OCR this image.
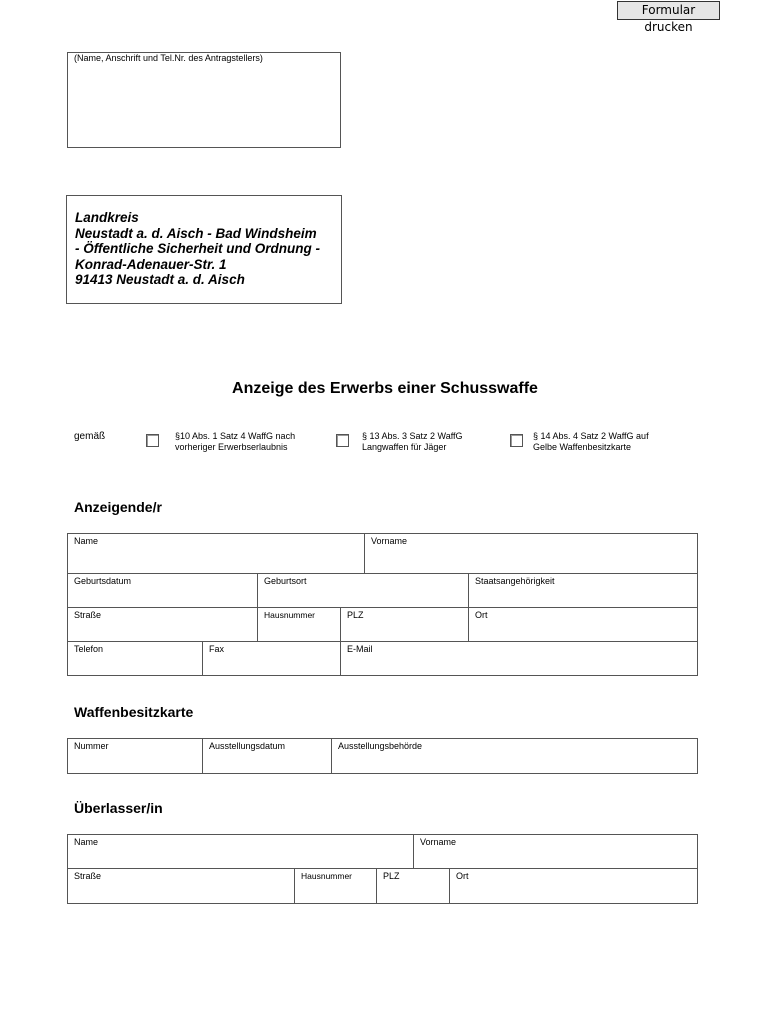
Formular drucken
(Name, Anschrift und Tel.Nr. des Antragstellers)
Landkreis
Neustadt a. d. Aisch - Bad Windsheim
- Öffentliche Sicherheit und Ordnung -
Konrad-Adenauer-Str. 1
91413 Neustadt a. d. Aisch
Anzeige des Erwerbs einer Schusswaffe
gemäß	§10 Abs. 1 Satz 4 WaffG nach
vorheriger Erwerbserlaubnis
§ 13 Abs. 3 Satz 2 WaffG
Langwaffen für Jäger
§ 14 Abs. 4 Satz 2 WaffG auf
Gelbe Waffenbesitzkarte
Anzeigende/r
Name	Vorname
Geburtsdatum	Geburtsort	Staatsangehörigkeit
Straße	Hausnummer	PLZ	Ort
Telefon	Fax	E-Mail
Waffenbesitzkarte
Nummer	Ausstellungsdatum	Ausstellungsbehörde
Überlasser/in
Name	Vorname
Straße	Hausnummer	PLZ	Ort
